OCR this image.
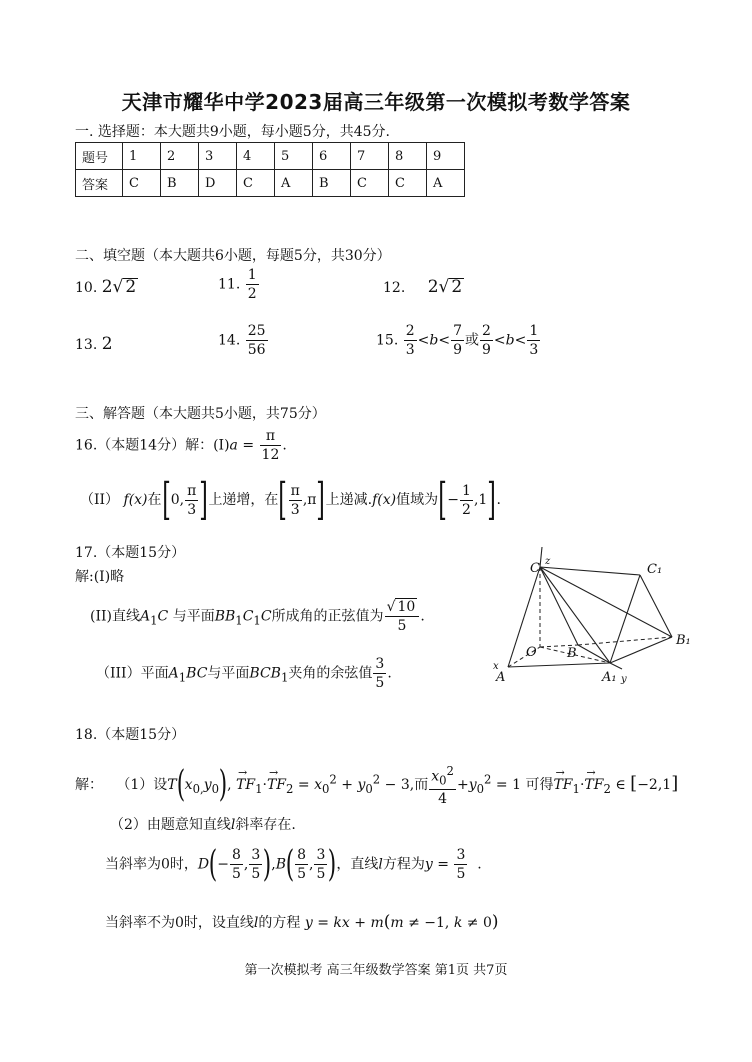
天津市耀华中学2023届高三年级第一次模拟考数学答案
一. 选择题：本大题共9小题，每小题5分，共45分.
题号	1	2	3	4	5	6	7	8	9
答案	C	B	D	C	A	B	C	C	A
二、填空题（本大题共6小题，每题5分，共30分）
10. 2√ 2	11. $\frac{1}{2}$	12. 2√ 2
13. 2	14. $\frac{25}{56}$	15. $\frac{2}{3} <b< \frac{7}{9}$ 或 $\frac{2}{9} <b< \frac{1}{3}$
三、解答题（本大题共5小题，共75分）
16.（本题14分）解：$(I)a = \frac{\pi}{12}$ .
（II） f(x)在[0, $\frac{\pi}{3}$ ]上递增，在[ $\frac{\pi}{3} ,\pi$]上递减.f(x)值域为[− $\frac{1}{2} ,1$].
17.（本题15分）
解:(I)略
(II)直线$A_1C$ 与平面$BB_1C_1C$所成角的正弦值为 $\frac{√ 10}{5}$ .
（III）平面$A_1BC$与平面$BCB_1$夹角的余弦值 $\frac{3}{5}$ .
C	C₁
z
B₁
O B
x
A	A₁ y
18.（本题15分）
解： （1）设$T(x_{0,}y_0)$, → $TF_1\cdot\to TF_2 = x_0^2 + y_0^2 - 3$,而 $\frac{x_0^2}{4} +y_0^2 = 1$ 可得→ $TF_1\cdot\to TF_2$ ∈ [−2,1]
（2）由题意知直线l斜率存在.
当斜率为0时，$D(- \frac{8}{5}$ , $\frac{3}{5} ),B( \frac{8}{5}$ , $\frac{3}{5}$ )，直线l方程为$y = \frac{3}{5}$ .
当斜率不为0时，设直线l的方程 y = kx + m(m ≠ −1, k ≠ 0)
第一次模拟考 高三年级数学答案 第1页 共7页
